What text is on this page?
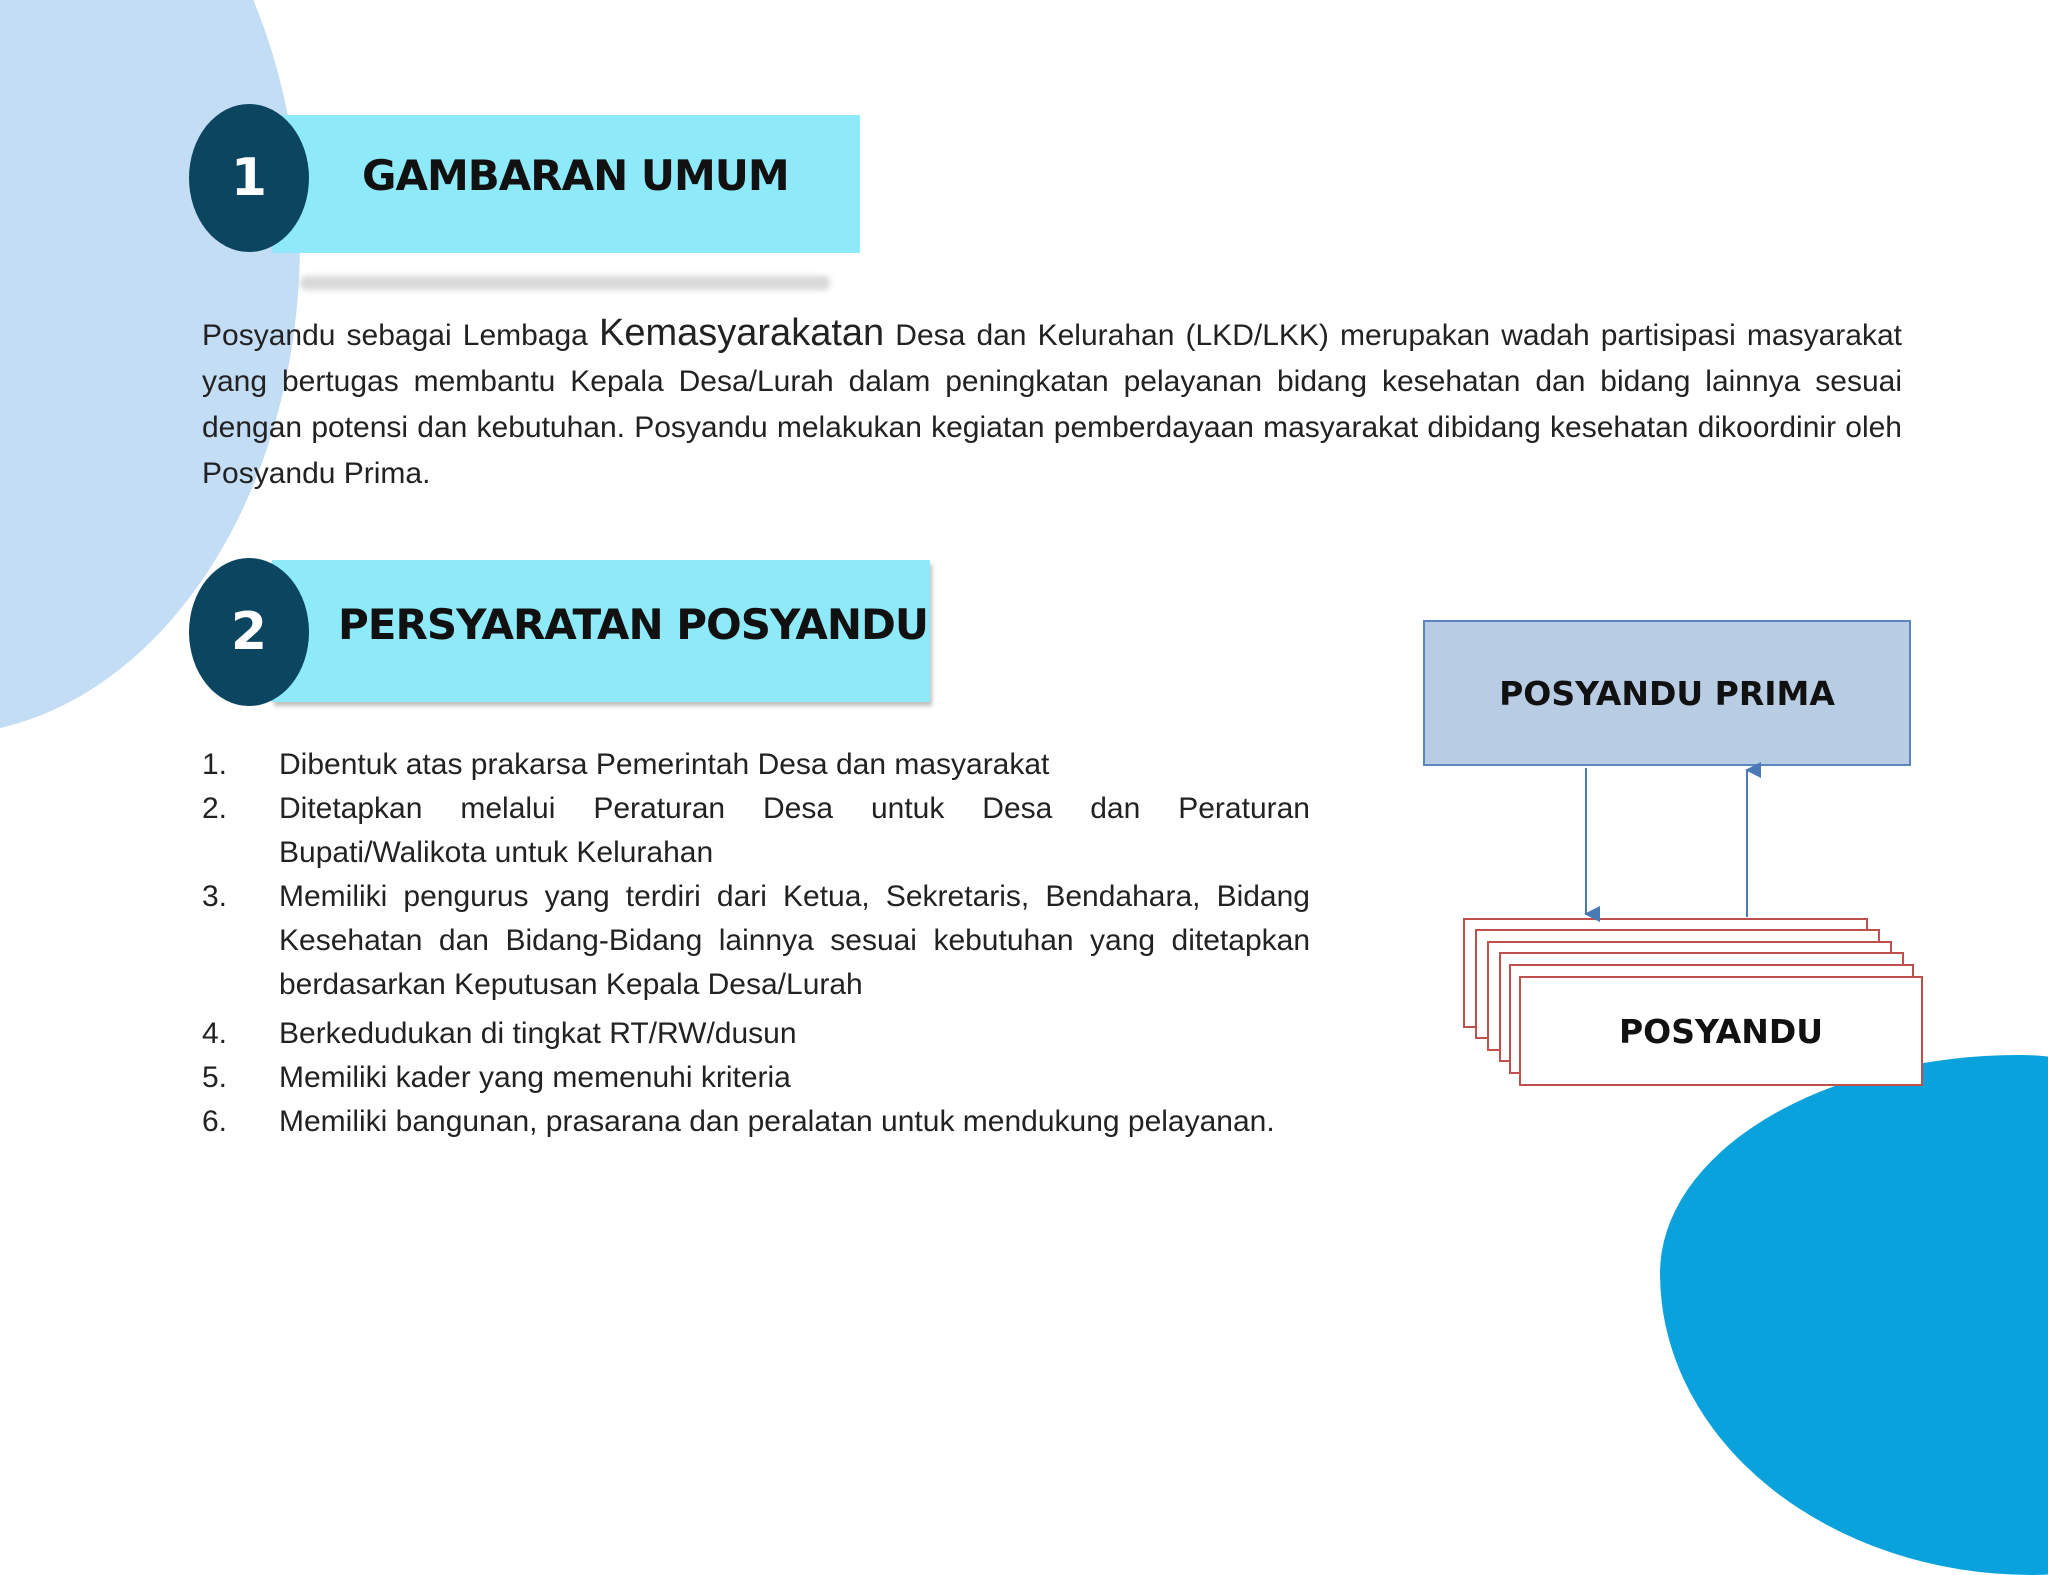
1	GAMBARAN UMUM

Posyandu sebagai Lembaga Kemasyarakatan Desa dan Kelurahan (LKD/LKK) merupakan wadah partisipasi masyarakat yang bertugas membantu Kepala Desa/Lurah dalam peningkatan pelayanan bidang kesehatan dan bidang lainnya sesuai dengan potensi dan kebutuhan. Posyandu melakukan kegiatan pemberdayaan masyarakat dibidang kesehatan dikoordinir oleh Posyandu Prima.

2	PERSYARATAN POSYANDU
1. Dibentuk atas prakarsa Pemerintah Desa dan masyarakat
2. Ditetapkan melalui Peraturan Desa untuk Desa dan Peraturan Bupati/Walikota untuk Kelurahan
3. Memiliki pengurus yang terdiri dari Ketua, Sekretaris, Bendahara, Bidang Kesehatan dan Bidang-Bidang lainnya sesuai kebutuhan yang ditetapkan berdasarkan Keputusan Kepala Desa/Lurah
4. Berkedudukan di tingkat RT/RW/dusun
5. Memiliki kader yang memenuhi kriteria
6. Memiliki bangunan, prasarana dan peralatan untuk mendukung pelayanan.
POSYANDU PRIMA
POSYANDU
